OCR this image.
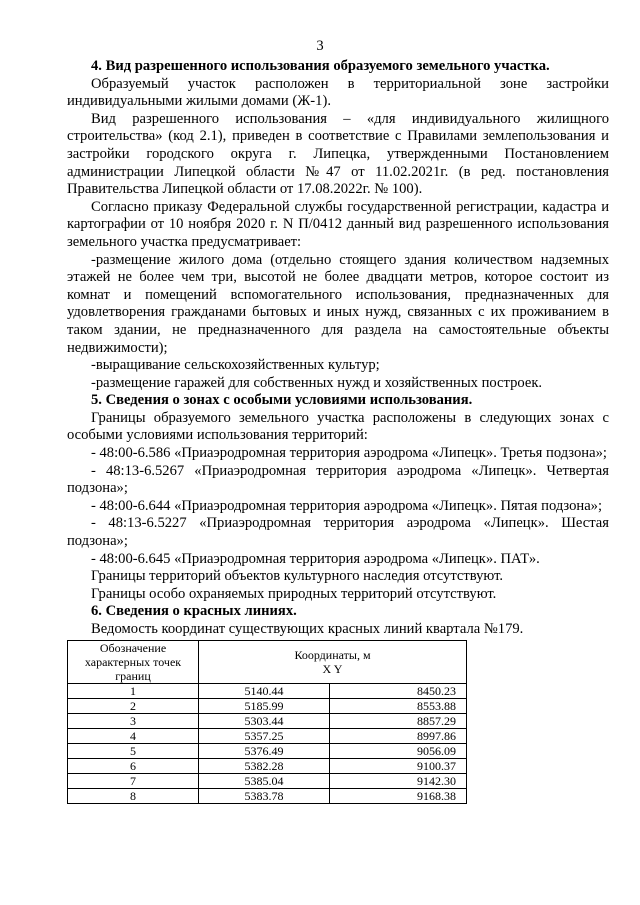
3

4. Вид разрешенного использования образуемого земельного участка.

Образуемый участок расположен в территориальной зоне застройки индивидуальными жилыми домами (Ж-1).

Вид разрешенного использования – «для индивидуального жилищного строительства» (код 2.1), приведен в соответствие с Правилами землепользования и застройки городского округа г. Липецка, утвержденными Постановлением администрации Липецкой области №47 от 11.02.2021г. (в ред. постановления Правительства Липецкой области от 17.08.2022г. № 100).

Согласно приказу Федеральной службы государственной регистрации, кадастра и картографии от 10 ноября 2020 г. N П/0412 данный вид разрешенного использования земельного участка предусматривает:

-размещение жилого дома (отдельно стоящего здания количеством надземных этажей не более чем три, высотой не более двадцати метров, которое состоит из комнат и помещений вспомогательного использования, предназначенных для удовлетворения гражданами бытовых и иных нужд, связанных с их проживанием в таком здании, не предназначенного для раздела на самостоятельные объекты недвижимости);

-выращивание сельскохозяйственных культур;

-размещение гаражей для собственных нужд и хозяйственных построек.

5. Сведения о зонах с особыми условиями использования.

Границы образуемого земельного участка расположены в следующих зонах с особыми условиями использования территорий:

- 48:00-6.586 «Приаэродромная территория аэродрома «Липецк». Третья подзона»;

- 48:13-6.5267 «Приаэродромная территория аэродрома «Липецк». Четвертая подзона»;

- 48:00-6.644 «Приаэродромная территория аэродрома «Липецк». Пятая подзона»;

- 48:13-6.5227 «Приаэродромная территория аэродрома «Липецк». Шестая подзона»;

- 48:00-6.645 «Приаэродромная территория аэродрома «Липецк». ПАТ».

Границы территорий объектов культурного наследия отсутствуют.

Границы особо охраняемых природных территорий отсутствуют.

6. Сведения о красных линиях.

Ведомость координат существующих красных линий квартала №179.

Обозначение характерных точек границ	Координаты, м
X Y	

1	5140.44	8450.23
2	5185.99	8553.88
3	5303.44	8857.29
4	5357.25	8997.86
5	5376.49	9056.09
6	5382.28	9100.37
7	5385.04	9142.30
8	5383.78	9168.38
